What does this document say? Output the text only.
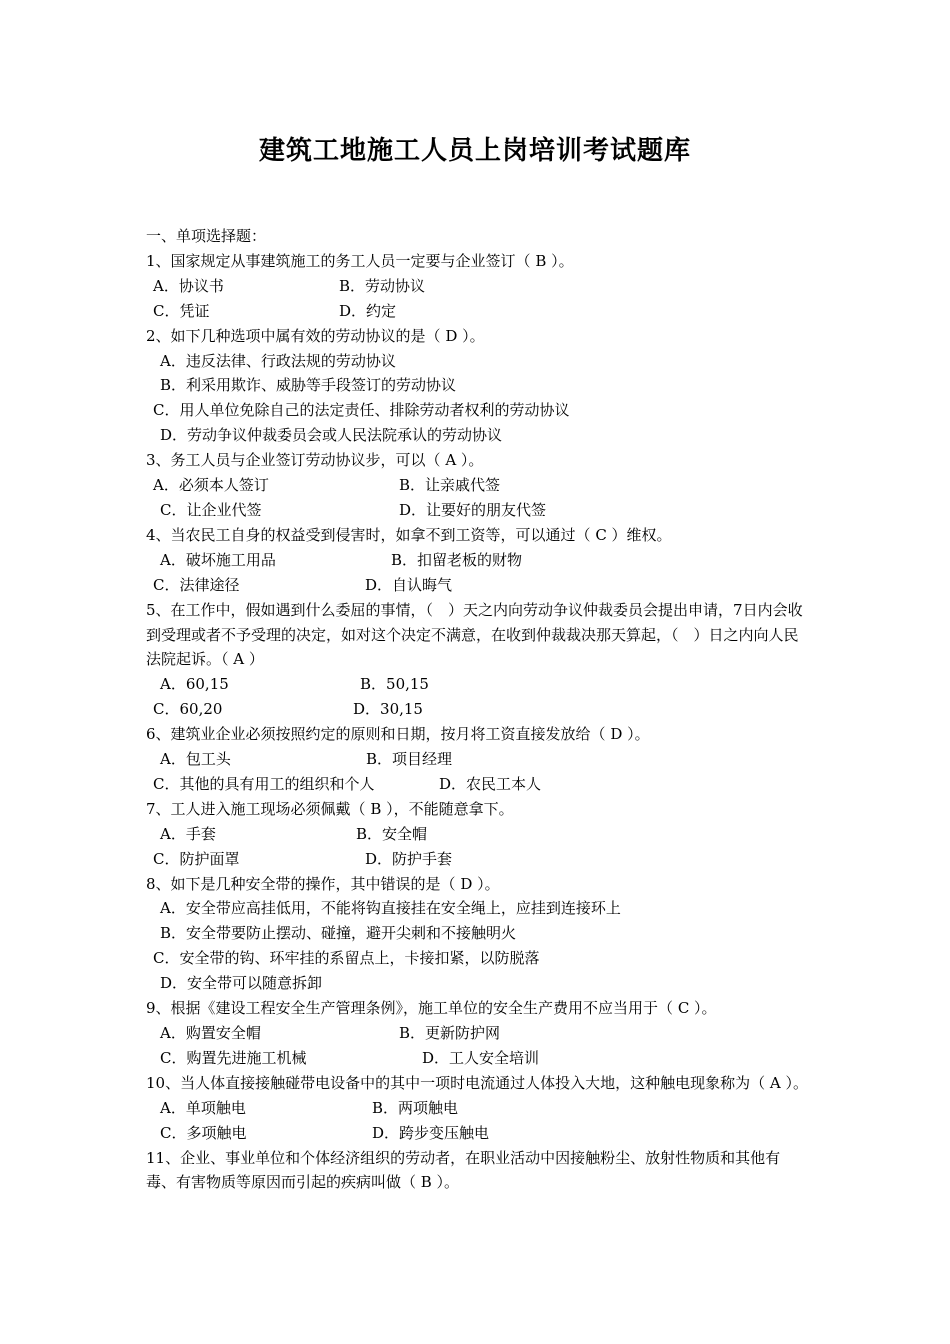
建筑工地施工人员上岗培训考试题库
一、单项选择题：
1、国家规定从事建筑施工的务工人员一定要与企业签订（ B ）。
A．协议书	B．劳动协议
C．凭证	D．约定
2、如下几种选项中属有效的劳动协议的是（ D ）。
A．违反法律、行政法规的劳动协议
B．利采用欺诈、威胁等手段签订的劳动协议
C．用人单位免除自己的法定责任、排除劳动者权利的劳动协议
D．劳动争议仲裁委员会或人民法院承认的劳动协议
3、务工人员与企业签订劳动协议步，可以（ A ）。
A．必须本人签订	B．让亲戚代签
C．让企业代签	D．让要好的朋友代签
4、当农民工自身的权益受到侵害时，如拿不到工资等，可以通过（ C ）维权。
A．破坏施工用品	B．扣留老板的财物
C．法律途径	D．自认晦气
5、在工作中，假如遇到什么委屈的事情，（　）天之内向劳动争议仲裁委员会提出申请，7日内会收到受理或者不予受理的决定，如对这个决定不满意，在收到仲裁裁决那天算起，（　）日之内向人民法院起诉。（ A ）
A．60,15	B．50,15
C．60,20	D．30,15
6、建筑业企业必须按照约定的原则和日期，按月将工资直接发放给（ D ）。
A．包工头	B．项目经理
C．其他的具有用工的组织和个人	D．农民工本人
7、工人进入施工现场必须佩戴（ B ），不能随意拿下。
A．手套	B．安全帽
C．防护面罩	D．防护手套
8、如下是几种安全带的操作，其中错误的是（ D ）。
A．安全带应高挂低用，不能将钩直接挂在安全绳上，应挂到连接环上
B．安全带要防止摆动、碰撞，避开尖刺和不接触明火
C．安全带的钩、环牢挂的系留点上，卡接扣紧，以防脱落
D．安全带可以随意拆卸
9、根据《建设工程安全生产管理条例》，施工单位的安全生产费用不应当用于（ C ）。
A．购置安全帽	B．更新防护网
C．购置先进施工机械	D．工人安全培训
10、当人体直接接触碰带电设备中的其中一项时电流通过人体投入大地，这种触电现象称为（ A ）。
A．单项触电	B．两项触电
C．多项触电	D．跨步变压触电
11、企业、事业单位和个体经济组织的劳动者，在职业活动中因接触粉尘、放射性物质和其他有毒、有害物质等原因而引起的疾病叫做（ B ）。
